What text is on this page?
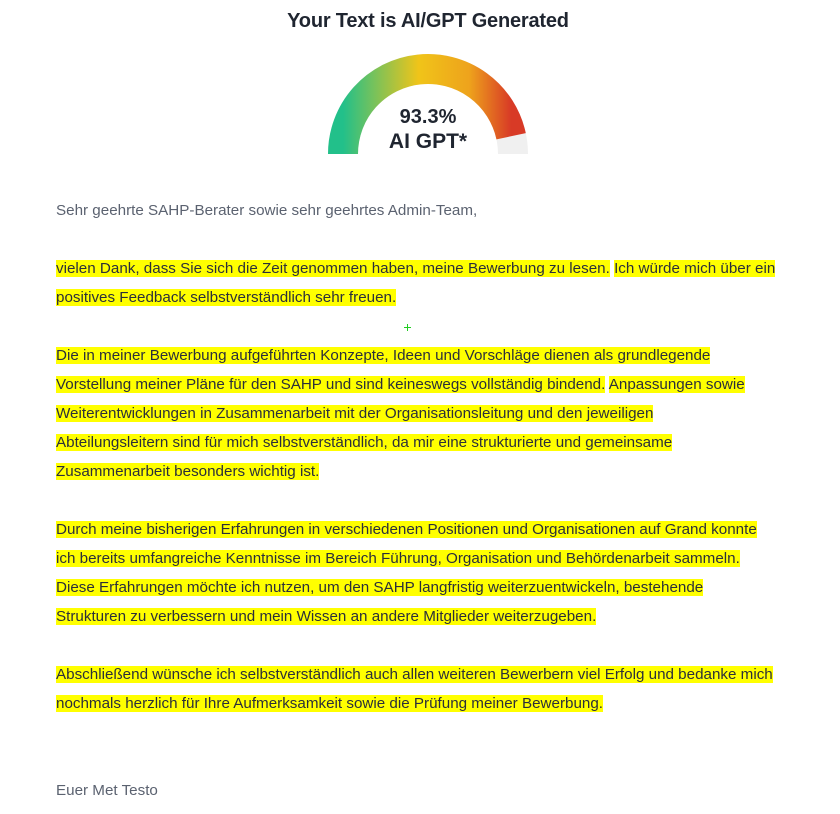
Your Text is AI/GPT Generated
93.3%
AI GPT*
Sehr geehrte SAHP-Berater sowie sehr geehrtes Admin-Team,
vielen Dank, dass Sie sich die Zeit genommen haben, meine Bewerbung zu lesen. Ich würde mich über ein
positives Feedback selbstverständlich sehr freuen.
Die in meiner Bewerbung aufgeführten Konzepte, Ideen und Vorschläge dienen als grundlegende
Vorstellung meiner Pläne für den SAHP und sind keineswegs vollständig bindend. Anpassungen sowie
Weiterentwicklungen in Zusammenarbeit mit der Organisationsleitung und den jeweiligen
Abteilungsleitern sind für mich selbstverständlich, da mir eine strukturierte und gemeinsame
Zusammenarbeit besonders wichtig ist.
Durch meine bisherigen Erfahrungen in verschiedenen Positionen und Organisationen auf Grand konnte
ich bereits umfangreiche Kenntnisse im Bereich Führung, Organisation und Behördenarbeit sammeln.
Diese Erfahrungen möchte ich nutzen, um den SAHP langfristig weiterzuentwickeln, bestehende
Strukturen zu verbessern und mein Wissen an andere Mitglieder weiterzugeben.
Abschließend wünsche ich selbstverständlich auch allen weiteren Bewerbern viel Erfolg und bedanke mich
nochmals herzlich für Ihre Aufmerksamkeit sowie die Prüfung meiner Bewerbung.
Euer Met Testo
